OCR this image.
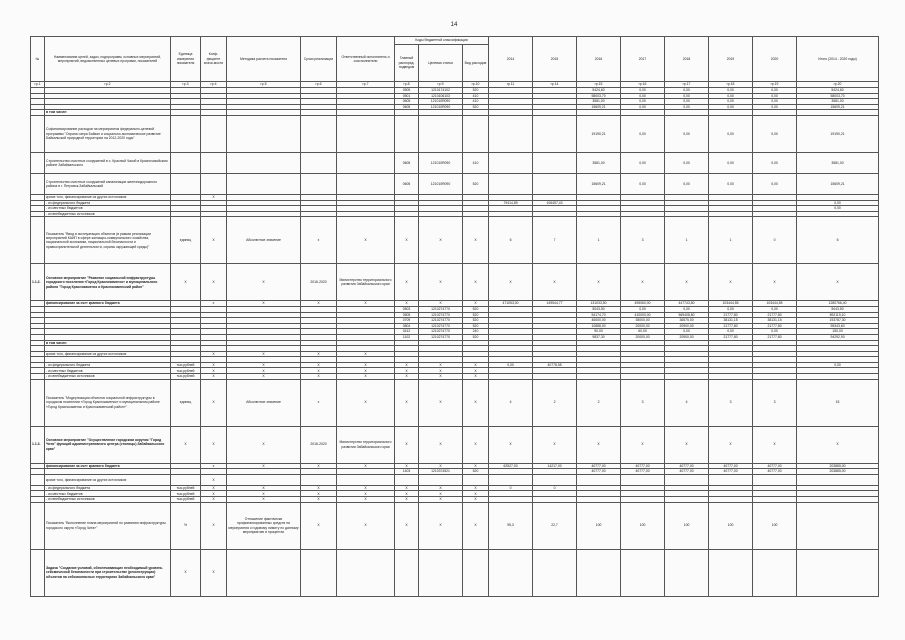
14
№	Наименование целей, задач, подпрограмм, основных мероприятий, мероприятий, ведомственных целевых программ, показателей	Единица измерения показателя	Коэф-фициент значи-мости	Методика расчета показателя	Сроки реализации	Ответственный исполнитель и соисполнители	Коды бюджетной классификации			2014	2015	2016	2017	2018	2019	2020	Итого (2014 - 2020 годы)
							Главный распоряд. подведом	Целевая статья	Вид расходов								
гр.1	гр.2	гр.3	гр.4	гр.5	гр.6	гр.7	гр.8	гр.9	гр.10	гр.11	гр.14	гр.15	гр.16	гр.17	гр.18	гр.19	гр.20
							0505	1210174102	520			5424,60	0,00	0,00	0,00	0,00	5424,60
							0501	1210106103	410			58003,70	0,00	0,00	0,00	0,00	58003,70
							0605	121010R090	410			3581,00	0,00	0,00	0,00	0,00	3581,00
							0605	121010R090	520			15609,21	0,00	0,00	0,00	0,00	15609,21
	в том числе:																
	Софинансирование расходов на мероприятия федерально-целевой программы "Охрана озера Байкал и социально-экономическое развитие Байкальской природной территории на 2012-2020 годы"											19190,21	0,00	0,00	0,00	0,00	19190,21
	Строительство очистных сооружений в с. Красный Чикой в Красночикойском районе Забайкальского						0605	121010R090	410			3581,00	0,00	0,00	0,00	0,00	3581,00
	Строительство очистных сооружений канализации железнодорожного района в г. Петровск-Забайкальский						0605	121010R090	520			15609,21	0,00	0,00	0,00	0,00	15609,21
	кроме того, финансирование из других источников:		Х														
	- из федерального бюджета									79414,89	106457,43						0,00
	- из местных бюджетов																0,00
	- из внебюджетных источников																
	Показатель "Ввод в эксплуатацию объектов (в рамках реализации мероприятий КАИП в сфере жилищно-коммунального хозяйства, национальной экономики, национальной безопасности и правоохранительной деятельности, охраны окружающей среды)"	единиц	Х	Абсолютное значение	х	Х	Х	Х	Х	6	7	1	3	1	1	0	6
1.1.2.	Основное мероприятие "Развитие социальной инфраструктуры городского поселения «Город Краснокаменск» и муниципального района "Город Краснокаменск и Краснокаменский район"	Х	Х	Х	2016-2020	Министерство территориального развития Забайкальского края	Х	Х	Х	Х	Х	Х	Х	Х	Х	Х	Х
	финансирование за счет краевого бюджета		х	Х	Х	Х	Х	Х	Х	471053,00	149544,77	131033,50	495060,00	447743,80	103444,55	103444,55	1280766,40
							0503	1210274770	520			5043,50	0,00	0,00	0,00	0,00	5043,50
							0505	1210274770	520			54174,70	410000,00	569408,80	21777,80	21777,80	892119,10
							0709	1210274770	520			46000,00	35000,00	36575,00	38131,15	38131,15	193787,30
							0804	1210274770	520			10888,00	20000,00	20900,00	21777,80	21777,80	95343,60
							0412	1210274770	240			90,00	60,00	0,00	0,00	0,00	150,00
							1102	1210274770	520			9837,30	20000,00	20900,00	21777,80	21777,80	94292,90
	в том числе:																

	кроме того, финансирование из других источников:		Х	Х	Х	Х											

	- из федерального бюджета	тыс.рублей	Х	Х	Х	Х	Х	Х	Х	0,00	40778,55						0,00
	- из местных бюджетов	тыс.рублей	Х	Х	Х	Х	Х	Х	Х								
	- из внебюджетных источников	тыс.рублей	Х	Х	Х	Х	Х	Х	Х								
	Показатель "Модернизация объектов социальной инфраструктуры в городском поселении «Город Краснокаменск» и муниципальном районе «Город Краснокаменск и Краснокаменский район»"	единиц	Х	Абсолютное значение	х	Х	Х	Х	Х	4	2	2	3	4	3	3	15
1.1.3.	Основное мероприятие "Осуществление городским округом "Город Чита" функций административного центра (столицы) Забайкальского края"	Х	Х	Х	2016-2020	Министерство территориального развития Забайкальского края	Х	Х	Х	Х	Х	Х	Х	Х	Х	Х	Х
	финансирование за счет краевого бюджета		х	Х	Х	Х	Х	Х	Х	62527,00	14217,00	40777,00	40777,00	40777,00	40777,00	40777,00	203885,00
							1403	1210374521	520			40777,00	40777,00	40777,00	40777,00	40777,00	203885,00
	кроме того, финансирование из других источников:		Х														
	- из федерального бюджета	тыс.рублей	Х	Х	Х	Х	Х	Х	Х	0	0						
	- из местных бюджетов	тыс.рублей	Х	Х	Х	Х	Х	Х	Х								
	- из внебюджетных источников	тыс.рублей	Х	Х	Х	Х	Х	Х	Х								
	Показатель "Выполнение плана мероприятий по развитию инфраструктуры городского округа «Город Чита»"	%	Х	Отношение фактически профинансированных средств на мероприятия к годовому лимиту по данному мероприятию в процентах	Х	Х	Х	Х	Х	95,3	22,7	100	100	100	100	100	
	Задача "Создание условий, обеспечивающих необходимый уровень сейсмической безопасности при строительстве (реконструкции) объектов на сейсмоопасных территориях Забайкальского края"	Х	Х														
